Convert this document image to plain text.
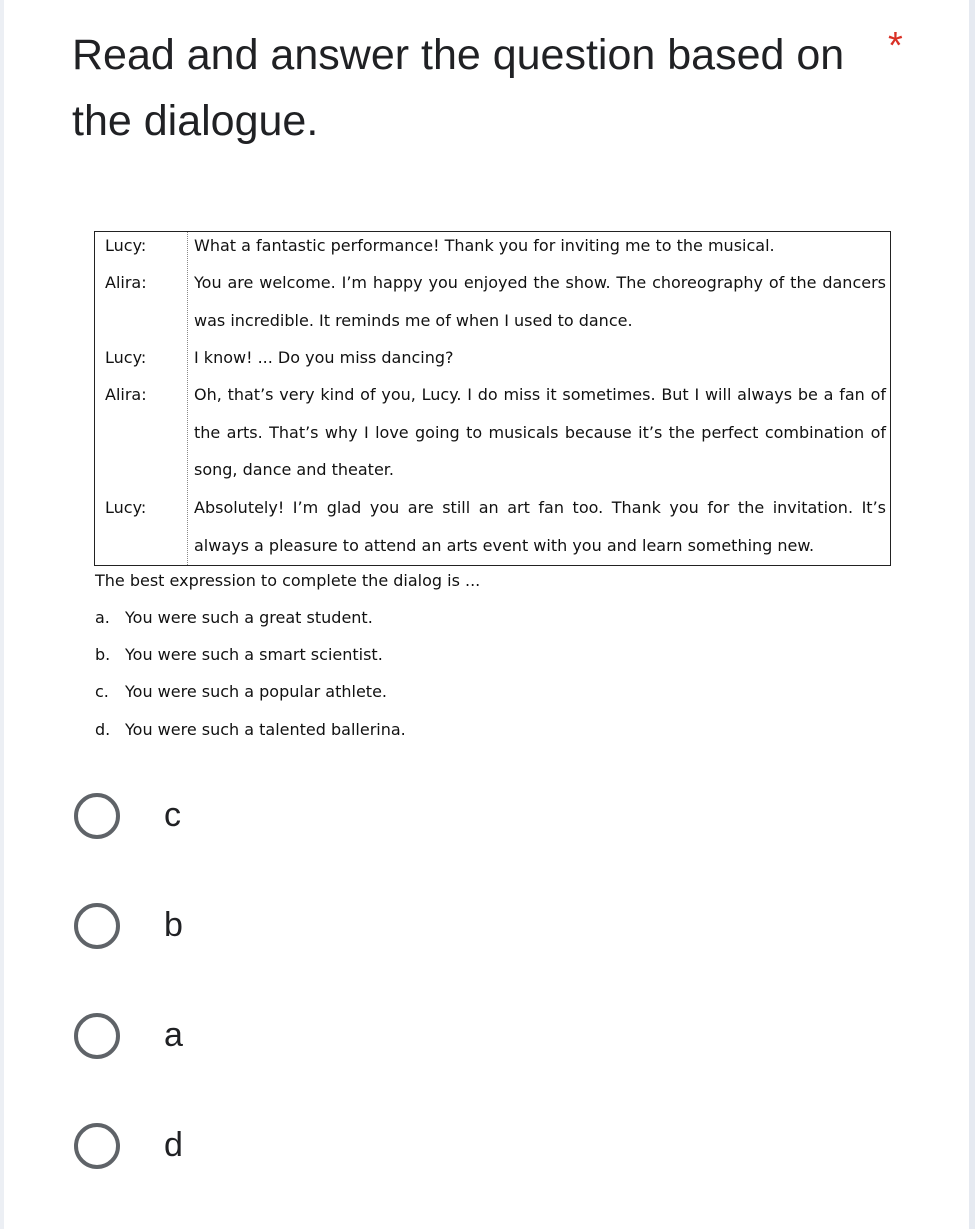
Read and answer the question based on the dialogue.
*
Lucy:	What a fantastic performance! Thank you for inviting me to the musical.
Alira:	You are welcome. I’m happy you enjoyed the show. The choreography of the dancers
was incredible. It reminds me of when I used to dance.
Lucy:	I know! ... Do you miss dancing?
Alira:	Oh, that’s very kind of you, Lucy. I do miss it sometimes. But I will always be a fan of
the arts. That’s why I love going to musicals because it’s the perfect combination of
song, dance and theater.
Lucy:	Absolutely! I’m glad you are still an art fan too. Thank you for the invitation. It’s
always a pleasure to attend an arts event with you and learn something new.
The best expression to complete the dialog is ...
a. You were such a great student.
b. You were such a smart scientist.
c. You were such a popular athlete.
d. You were such a talented ballerina.
c
b
a
d
